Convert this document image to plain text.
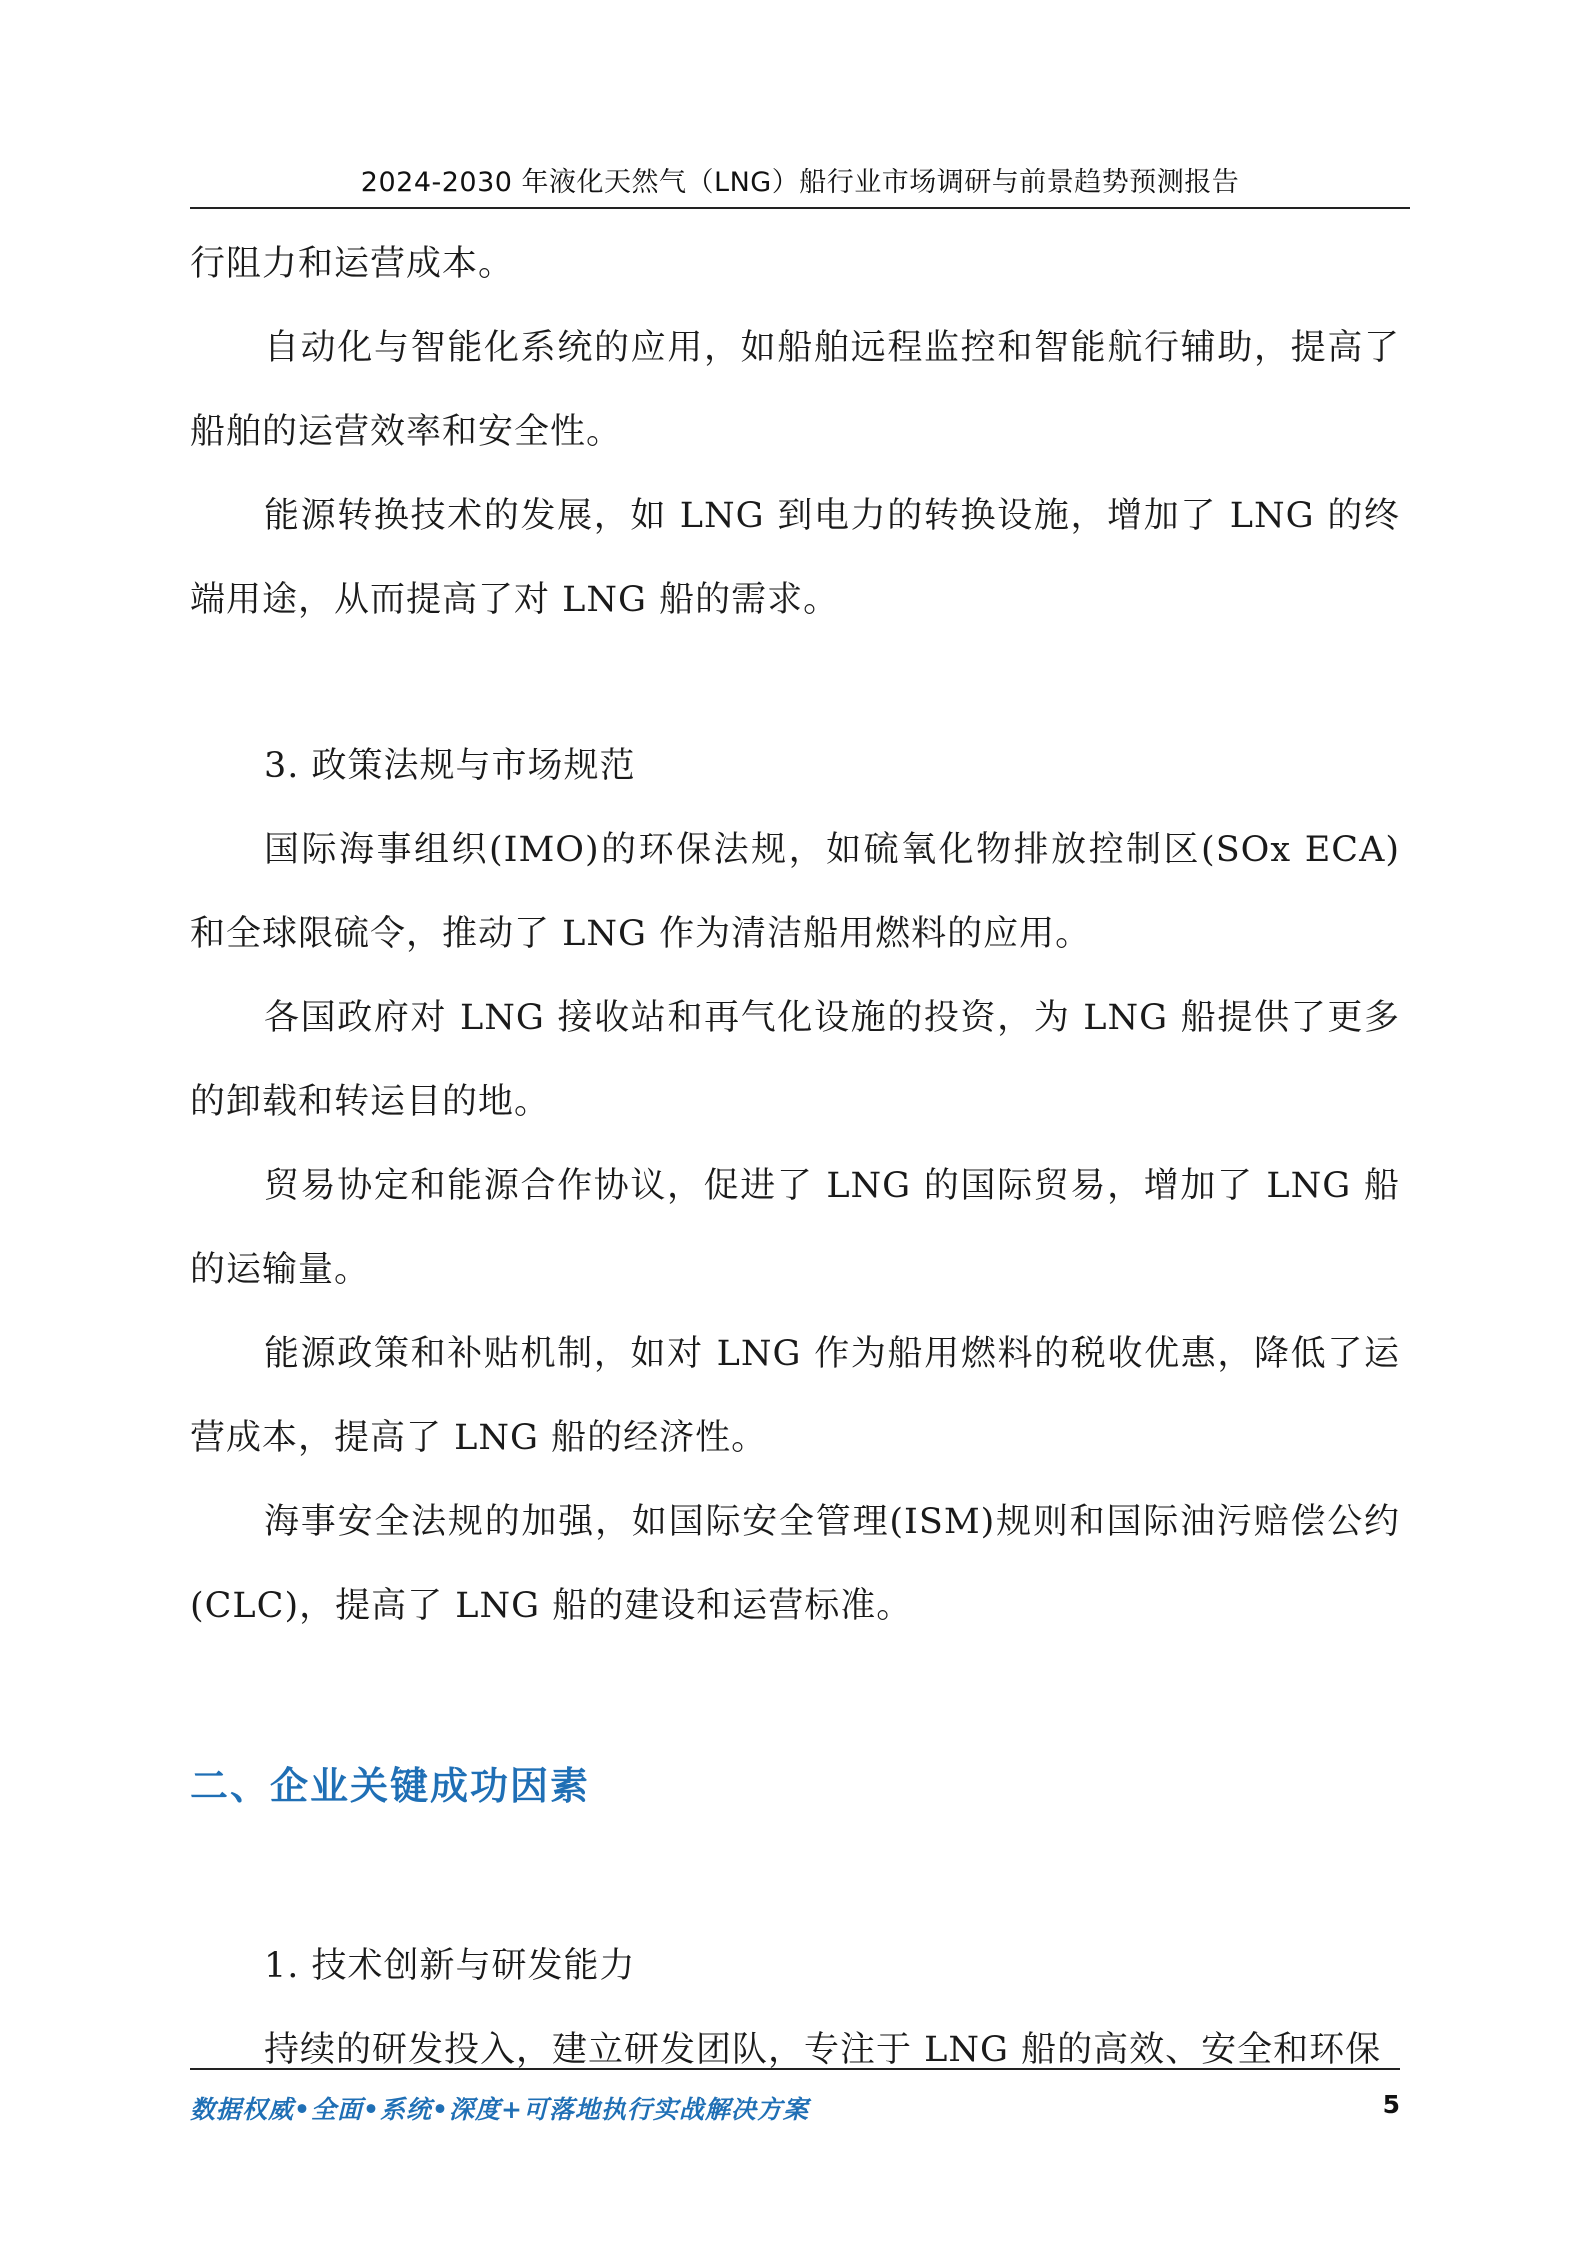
2024-2030 年液化天然气（LNG）船行业市场调研与前景趋势预测报告

行阻力和运营成本。

自动化与智能化系统的应用，如船舶远程监控和智能航行辅助，提高了船舶的运营效率和安全性。

能源转换技术的发展，如 LNG 到电力的转换设施，增加了 LNG 的终端用途，从而提高了对 LNG 船的需求。

3. 政策法规与市场规范

国际海事组织(IMO)的环保法规，如硫氧化物排放控制区(SOx ECA)和全球限硫令，推动了 LNG 作为清洁船用燃料的应用。

各国政府对 LNG 接收站和再气化设施的投资，为 LNG 船提供了更多的卸载和转运目的地。

贸易协定和能源合作协议，促进了 LNG 的国际贸易，增加了 LNG 船的运输量。

能源政策和补贴机制，如对 LNG 作为船用燃料的税收优惠，降低了运营成本，提高了 LNG 船的经济性。

海事安全法规的加强，如国际安全管理(ISM)规则和国际油污赔偿公约(CLC)，提高了 LNG 船的建设和运营标准。

二、企业关键成功因素

1. 技术创新与研发能力

持续的研发投入，建立研发团队，专注于 LNG 船的高效、安全和环保

数据权威•全面•系统•深度+可落地执行实战解决方案	5
